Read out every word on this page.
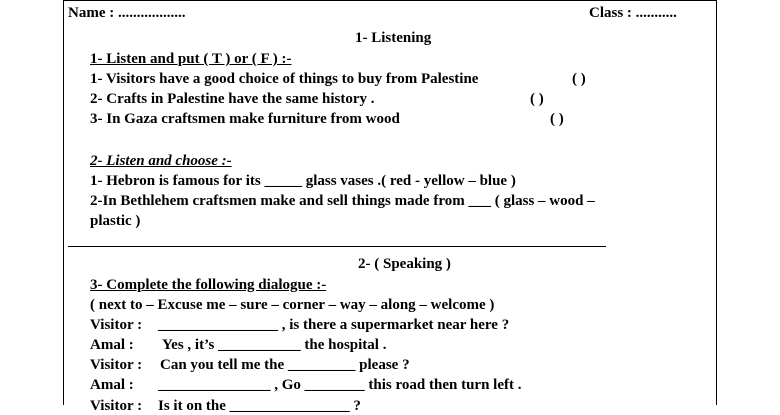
Name : ..................	Class : ...........
1- Listening
1- Listen and put ( T ) or ( F ) :-
1- Visitors have a good choice of things to buy from Palestine	( )
2- Crafts in Palestine have the same history .	( )
3- In Gaza craftsmen make furniture from wood	( )
2- Listen and choose :-
1- Hebron is famous for its _____ glass vases .( red - yellow – blue )
2-In Bethlehem craftsmen make and sell things made from ___ ( glass – wood –
plastic )
2- ( Speaking )
3- Complete the following dialogue :-
( next to – Excuse me – sure – corner – way – along – welcome )
Visitor : ________________ , is there a supermarket near here ?
Amal : Yes , it’s ___________ the hospital .
Visitor : Can you tell me the _________ please ?
Amal : _______________ , Go ________ this road then turn left .
Visitor : Is it on the ________________ ?
